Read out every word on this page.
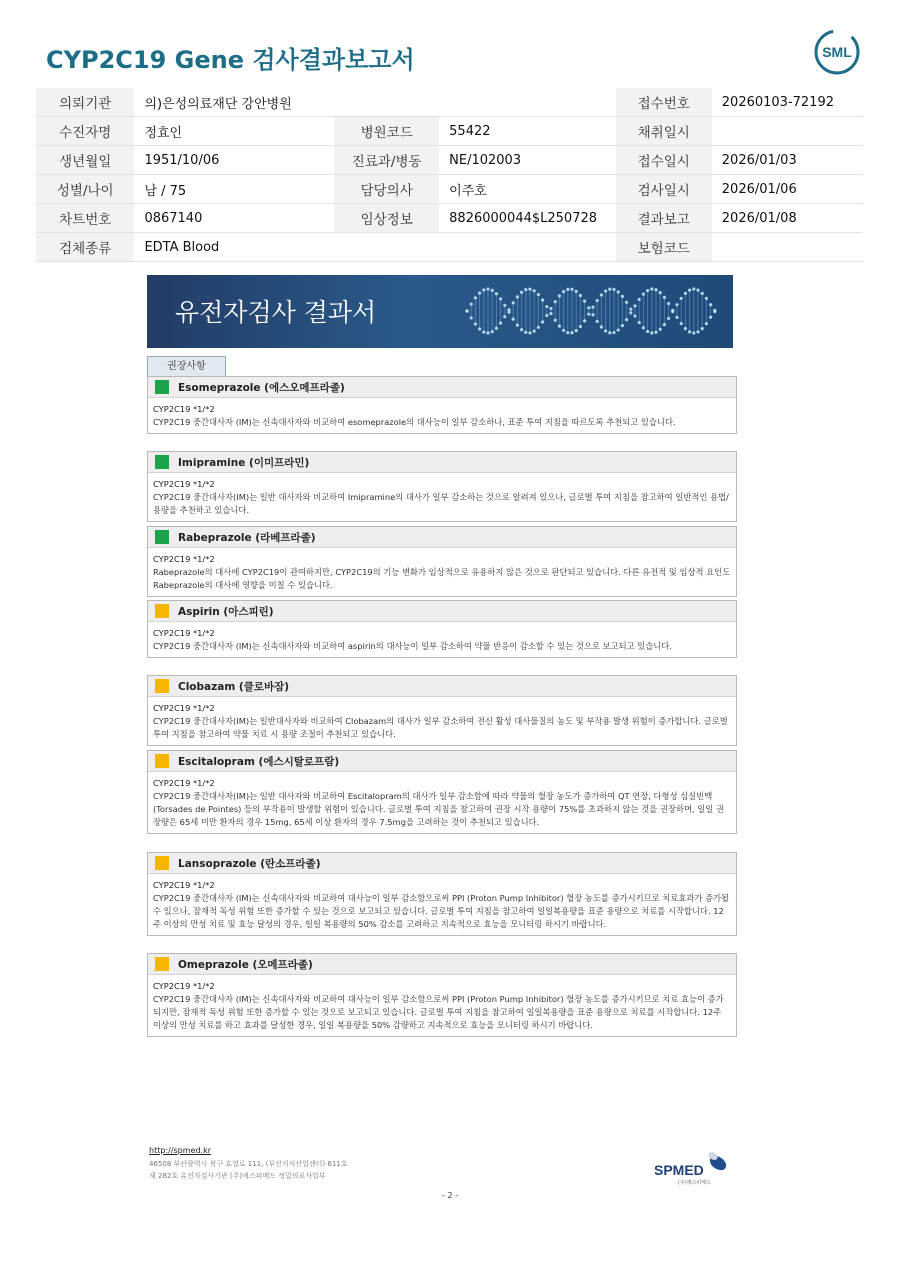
CYP2C19 Gene 검사결과보고서	SML
의뢰기관	의)은성의료재단 강안병원			접수번호	20260103-72192
수진자명	정효인	병원코드	55422	채취일시	
생년월일	1951/10/06	진료과/병동	NE/102003	접수일시	2026/01/03
성별/나이	남 / 75	담당의사	이주호	검사일시	2026/01/06
차트번호	0867140	임상정보	8826000044$L250728	결과보고	2026/01/08
검체종류	EDTA Blood			보험코드	
유전자검사 결과서
권장사항
Esomeprazole (에스오메프라졸)
CYP2C19 *1/*2
CYP2C19 중간대사자 (IM)는 신속대사자와 비교하여 esomeprazole의 대사능이 일부 감소하나, 표준 투여 지침을 따르도록 추천되고 있습니다.
Imipramine (이미프라민)
CYP2C19 *1/*2
CYP2C19 중간대사자(IM)는 일반 대사자와 비교하여 Imipramine의 대사가 일부 감소하는 것으로 알려져 있으나, 글로벌 투여 지침을 참고하여 일반적인 용법/용량을 추천하고 있습니다.
Rabeprazole (라베프라졸)
CYP2C19 *1/*2
Rabeprazole의 대사에 CYP2C19이 관여하지만, CYP2C19의 기능 변화가 임상적으로 유용하지 않은 것으로 판단되고 있습니다. 다른 유전적 및 임상적 요인도 Rabeprazole의 대사에 영향을 미칠 수 있습니다.
Aspirin (아스피린)
CYP2C19 *1/*2
CYP2C19 중간대사자 (IM)는 신속대사자와 비교하여 aspirin의 대사능이 일부 감소하여 약물 반응이 감소할 수 있는 것으로 보고되고 있습니다.
Clobazam (클로바잠)
CYP2C19 *1/*2
CYP2C19 중간대사자(IM)는 일반대사자와 비교하여 Clobazam의 대사가 일부 감소하여 전신 활성 대사물질의 농도 및 부작용 발생 위험이 증가합니다. 글로벌 투여 지침을 참고하여 약물 치료 시 용량 조절이 추천되고 있습니다.
Escitalopram (에스시탈로프람)
CYP2C19 *1/*2
CYP2C19 중간대사자(IM)는 일반 대사자와 비교하여 Escitalopram의 대사가 일부 감소함에 따라 약물의 혈장 농도가 증가하여 QT 연장, 다형성 심실빈맥(Torsades de Pointes) 등의 부작용이 발생할 위험이 있습니다. 글로벌 투여 지침을 참고하여 권장 시작 용량이 75%를 초과하지 않는 것을 권장하며, 일일 권장량은 65세 미만 환자의 경우 15mg, 65세 이상 환자의 경우 7.5mg을 고려하는 것이 추천되고 있습니다.
Lansoprazole (란소프라졸)
CYP2C19 *1/*2
CYP2C19 중간대사자 (IM)는 신속대사자와 비교하여 대사능이 일부 감소함으로써 PPI (Proton Pump Inhibitor) 혈장 농도를 증가시키므로 치료효과가 증가될 수 있으나, 잠재적 독성 위험 또한 증가할 수 있는 것으로 보고되고 있습니다. 글로벌 투여 지침을 참고하여 일일복용량을 표준 용량으로 치료를 시작합니다. 12주 이상의 만성 치료 및 효능 달성의 경우, 일일 복용량의 50% 감소를 고려하고 지속적으로 효능을 모니터링 하시기 바랍니다.
Omeprazole (오메프라졸)
CYP2C19 *1/*2
CYP2C19 중간대사자 (IM)는 신속대사자와 비교하여 대사능이 일부 감소함으로써 PPI (Proton Pump Inhibitor) 혈장 농도를 증가시키므로 치료 효능이 증가되지만, 잠재적 독성 위험 또한 증가할 수 있는 것으로 보고되고 있습니다. 글로벌 투여 지침을 참고하여 일일복용량을 표준 용량으로 치료를 시작합니다. 12주 이상의 만성 치료를 하고 효과를 달성한 경우, 일일 복용량을 50% 감량하고 지속적으로 효능을 모니터링 하시기 바랍니다.
http://spmed.kr
46508 부산광역시 북구 효열로 111, (부산지식산업센터) 611호
제 282호 유전자검사기관 (주)에스피메드 정밀의료사업부	SPMED
(주)에스피메드
- 2 -
